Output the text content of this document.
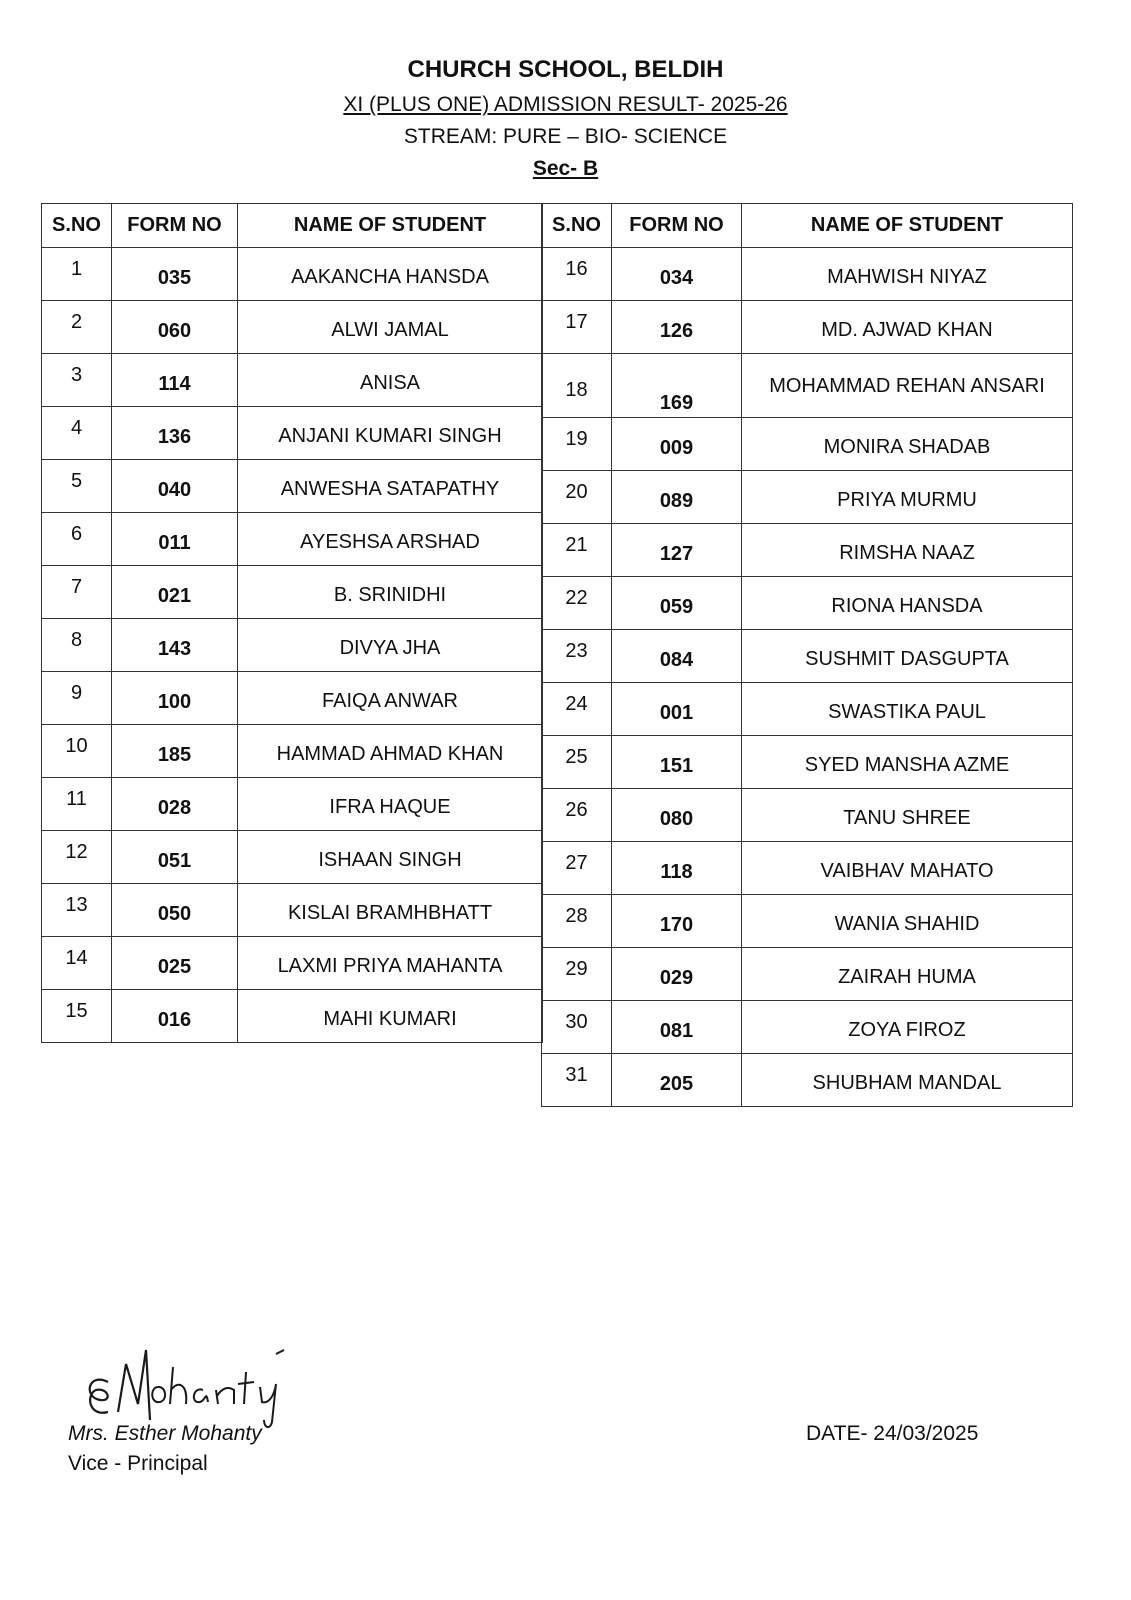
CHURCH SCHOOL, BELDIH
XI (PLUS ONE) ADMISSION RESULT- 2025-26
STREAM: PURE – BIO- SCIENCE
Sec- B
S.NO	FORM NO	NAME OF STUDENT
1	035	AAKANCHA HANSDA
2	060	ALWI JAMAL
3	114	ANISA
4	136	ANJANI KUMARI SINGH
5	040	ANWESHA SATAPATHY
6	011	AYESHSA ARSHAD
7	021	B. SRINIDHI
8	143	DIVYA JHA
9	100	FAIQA ANWAR
10	185	HAMMAD AHMAD KHAN
11	028	IFRA HAQUE
12	051	ISHAAN SINGH
13	050	KISLAI BRAMHBHATT
14	025	LAXMI PRIYA MAHANTA
15	016	MAHI KUMARI
S.NO	FORM NO	NAME OF STUDENT
16	034	MAHWISH NIYAZ
17	126	MD. AJWAD KHAN
18	169	MOHAMMAD REHAN ANSARI
19	009	MONIRA SHADAB
20	089	PRIYA MURMU
21	127	RIMSHA NAAZ
22	059	RIONA HANSDA
23	084	SUSHMIT DASGUPTA
24	001	SWASTIKA PAUL
25	151	SYED MANSHA AZME
26	080	TANU SHREE
27	118	VAIBHAV MAHATO
28	170	WANIA SHAHID
29	029	ZAIRAH HUMA
30	081	ZOYA FIROZ
31	205	SHUBHAM MANDAL
Mrs. Esther Mohanty
Vice - Principal
DATE- 24/03/2025
